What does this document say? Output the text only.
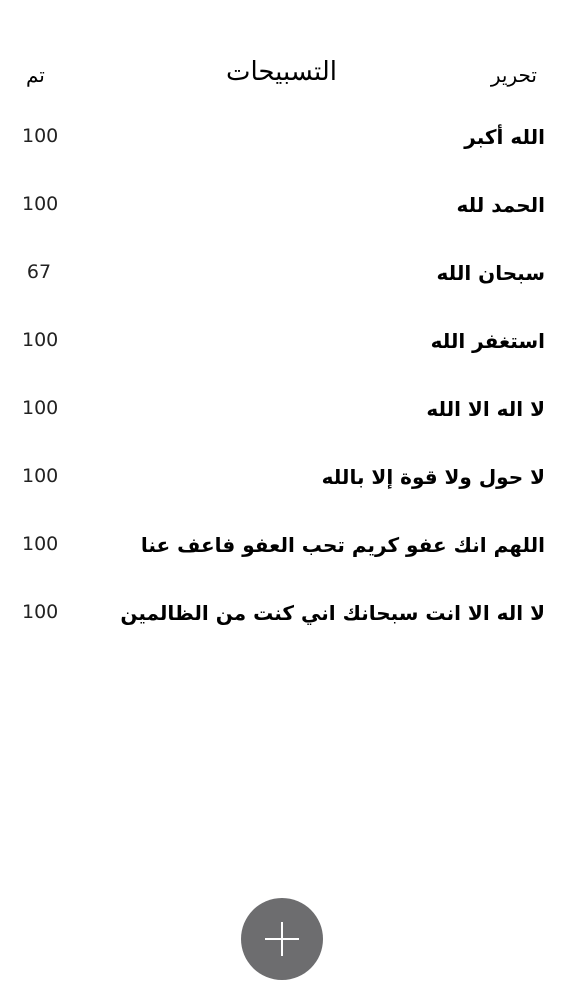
تم	التسبيحات	تحرير
100	الله أكبر
100	الحمد لله
67	سبحان الله
100	استغفر الله
100	لا اله الا الله
100	لا حول ولا قوة إلا بالله
100	اللهم انك عفو كريم تحب العفو فاعف عنا
100	لا اله الا انت سبحانك اني كنت من الظالمين
